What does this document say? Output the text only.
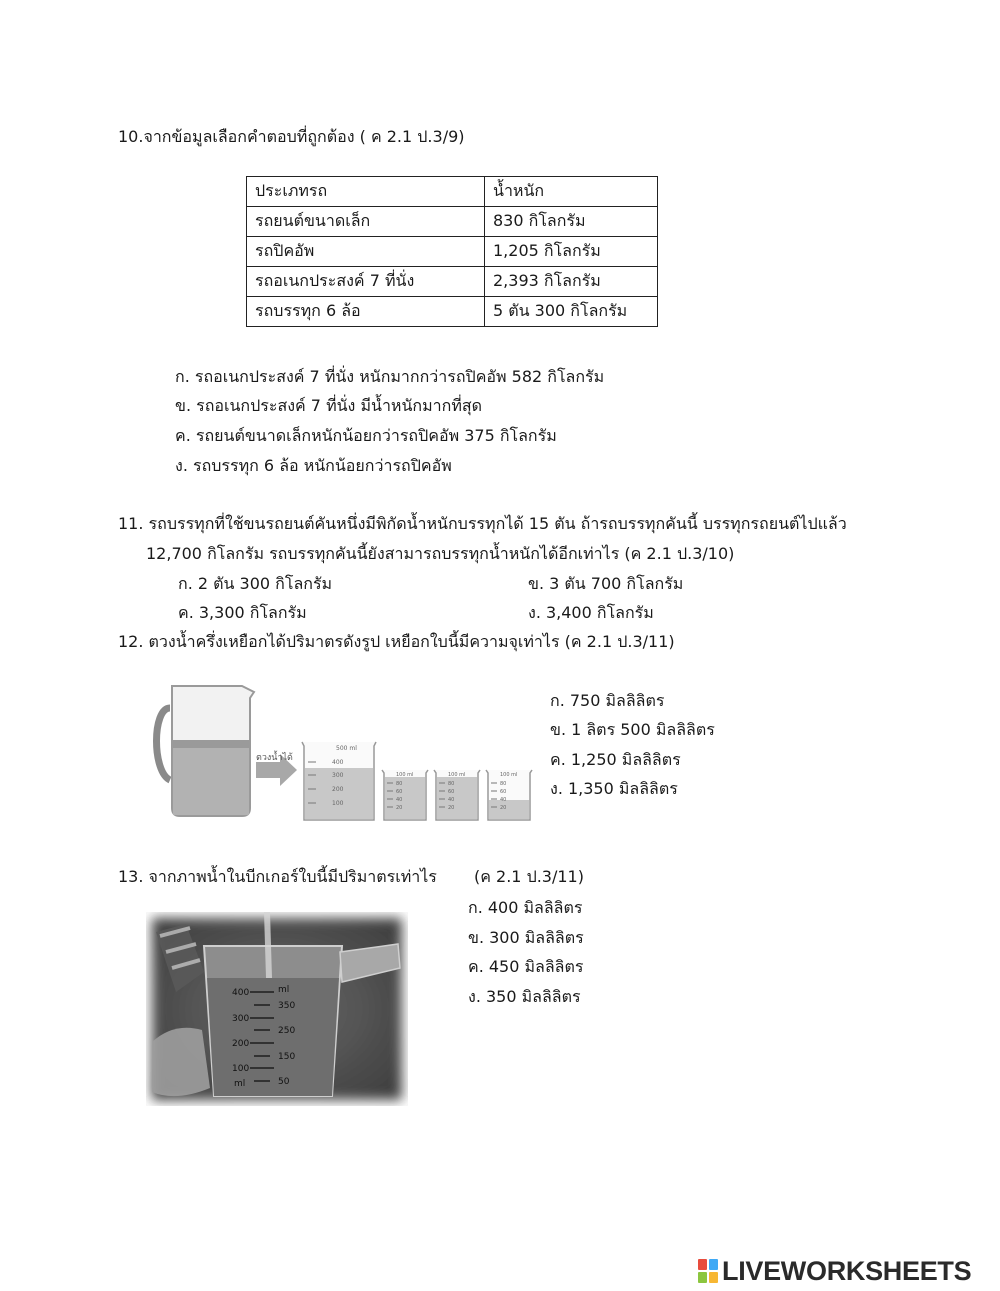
10.จากข้อมูลเลือกคำตอบที่ถูกต้อง ( ค 2.1 ป.3/9)
ประเภทรถ	น้ำหนัก
รถยนต์ขนาดเล็ก	830 กิโลกรัม
รถปิคอัพ	1,205 กิโลกรัม
รถอเนกประสงค์ 7 ที่นั่ง	2,393 กิโลกรัม
รถบรรทุก 6 ล้อ	5 ตัน 300 กิโลกรัม
ก. รถอเนกประสงค์ 7 ที่นั่ง หนักมากกว่ารถปิคอัพ 582 กิโลกรัม
ข. รถอเนกประสงค์ 7 ที่นั่ง มีน้ำหนักมากที่สุด
ค. รถยนต์ขนาดเล็กหนักน้อยกว่ารถปิคอัพ 375 กิโลกรัม
ง. รถบรรทุก 6 ล้อ หนักน้อยกว่ารถปิคอัพ
11. รถบรรทุกที่ใช้ขนรถยนต์คันหนึ่งมีพิกัดน้ำหนักบรรทุกได้ 15 ตัน ถ้ารถบรรทุกคันนี้ บรรทุกรถยนต์ไปแล้ว
12,700 กิโลกรัม รถบรรทุกคันนี้ยังสามารถบรรทุกน้ำหนักได้อีกเท่าไร (ค 2.1 ป.3/10)
ก. 2 ตัน 300 กิโลกรัม	ข. 3 ตัน 700 กิโลกรัม
ค. 3,300 กิโลกรัม	ง. 3,400 กิโลกรัม
12. ตวงน้ำครึ่งเหยือกได้ปริมาตรดังรูป เหยือกใบนี้มีความจุเท่าไร (ค 2.1 ป.3/11)
ตวงน้ำได้
500 ml
400
300
200
100
100 ml
80
60
40
20
100 ml
80
60
40
20
100 ml
80
60
40
20
ก. 750 มิลลิลิตร
ข. 1 ลิตร 500 มิลลิลิตร
ค. 1,250 มิลลิลิตร
ง. 1,350 มิลลิลิตร
13. จากภาพน้ำในบีกเกอร์ใบนี้มีปริมาตรเท่าไร (ค 2.1 ป.3/11)
400
300
200
100
ml
ml
350
250
150
50
ก. 400 มิลลิลิตร
ข. 300 มิลลิลิตร
ค. 450 มิลลิลิตร
ง. 350 มิลลิลิตร
LIVEWORKSHEETS
